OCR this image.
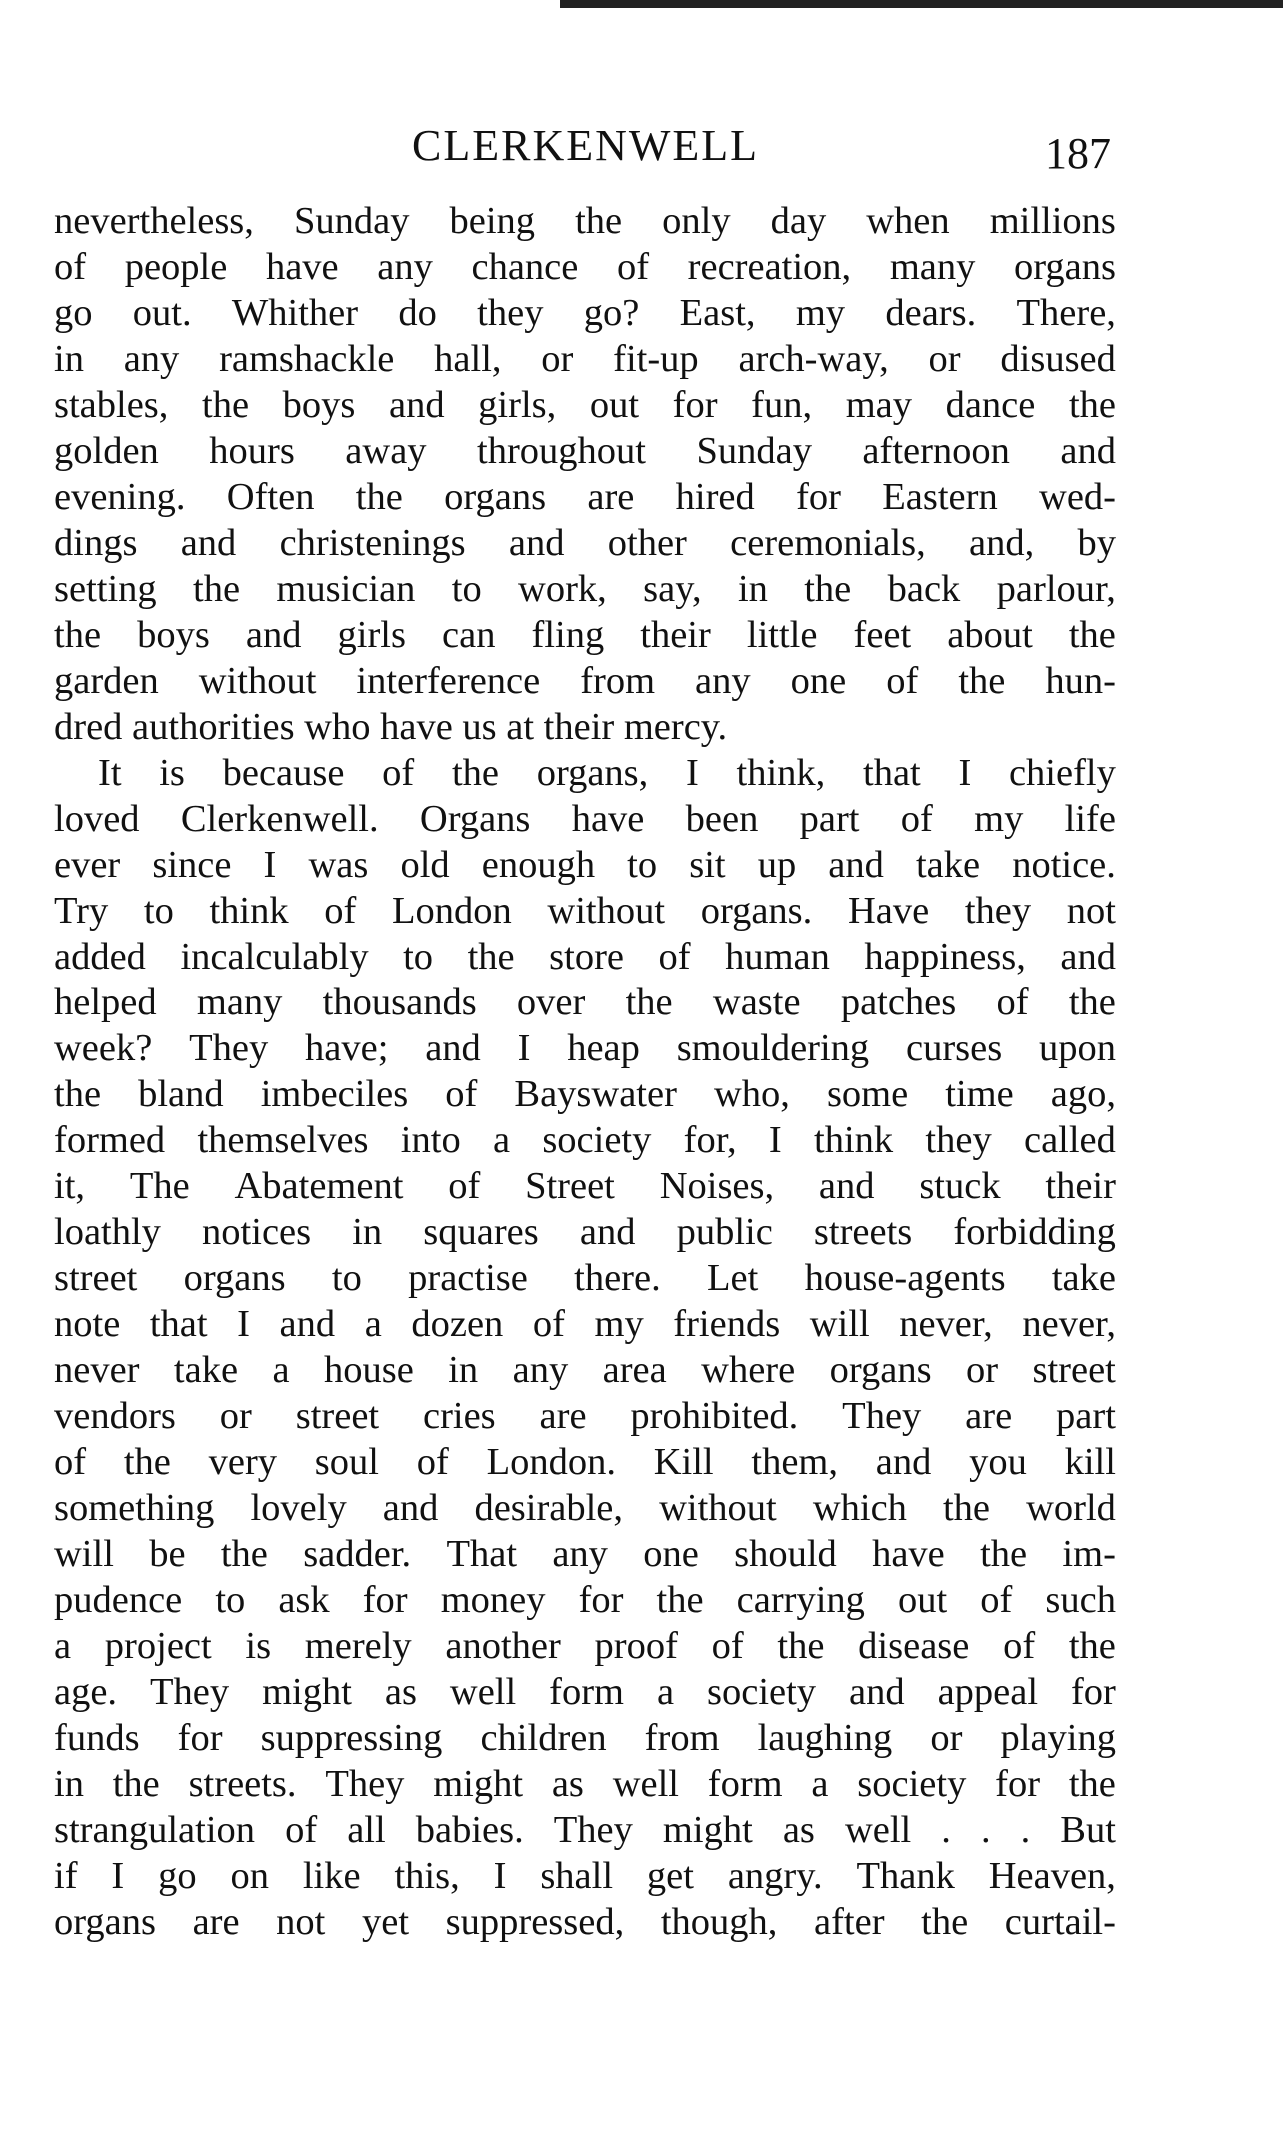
CLERKENWELL	187
nevertheless, Sunday being the only day when millions
of people have any chance of recreation, many organs
go out. Whither do they go? East, my dears. There,
in any ramshackle hall, or fit-up arch-way, or disused
stables, the boys and girls, out for fun, may dance the
golden hours away throughout Sunday afternoon and
evening. Often the organs are hired for Eastern wed-
dings and christenings and other ceremonials, and, by
setting the musician to work, say, in the back parlour,
the boys and girls can fling their little feet about the
garden without interference from any one of the hun-
dred authorities who have us at their mercy.
It is because of the organs, I think, that I chiefly
loved Clerkenwell. Organs have been part of my life
ever since I was old enough to sit up and take notice.
Try to think of London without organs. Have they not
added incalculably to the store of human happiness, and
helped many thousands over the waste patches of the
week? They have; and I heap smouldering curses upon
the bland imbeciles of Bayswater who, some time ago,
formed themselves into a society for, I think they called
it, The Abatement of Street Noises, and stuck their
loathly notices in squares and public streets forbidding
street organs to practise there. Let house-agents take
note that I and a dozen of my friends will never, never,
never take a house in any area where organs or street
vendors or street cries are prohibited. They are part
of the very soul of London. Kill them, and you kill
something lovely and desirable, without which the world
will be the sadder. That any one should have the im-
pudence to ask for money for the carrying out of such
a project is merely another proof of the disease of the
age. They might as well form a society and appeal for
funds for suppressing children from laughing or playing
in the streets. They might as well form a society for the
strangulation of all babies. They might as well . . . But
if I go on like this, I shall get angry. Thank Heaven,
organs are not yet suppressed, though, after the curtail-
